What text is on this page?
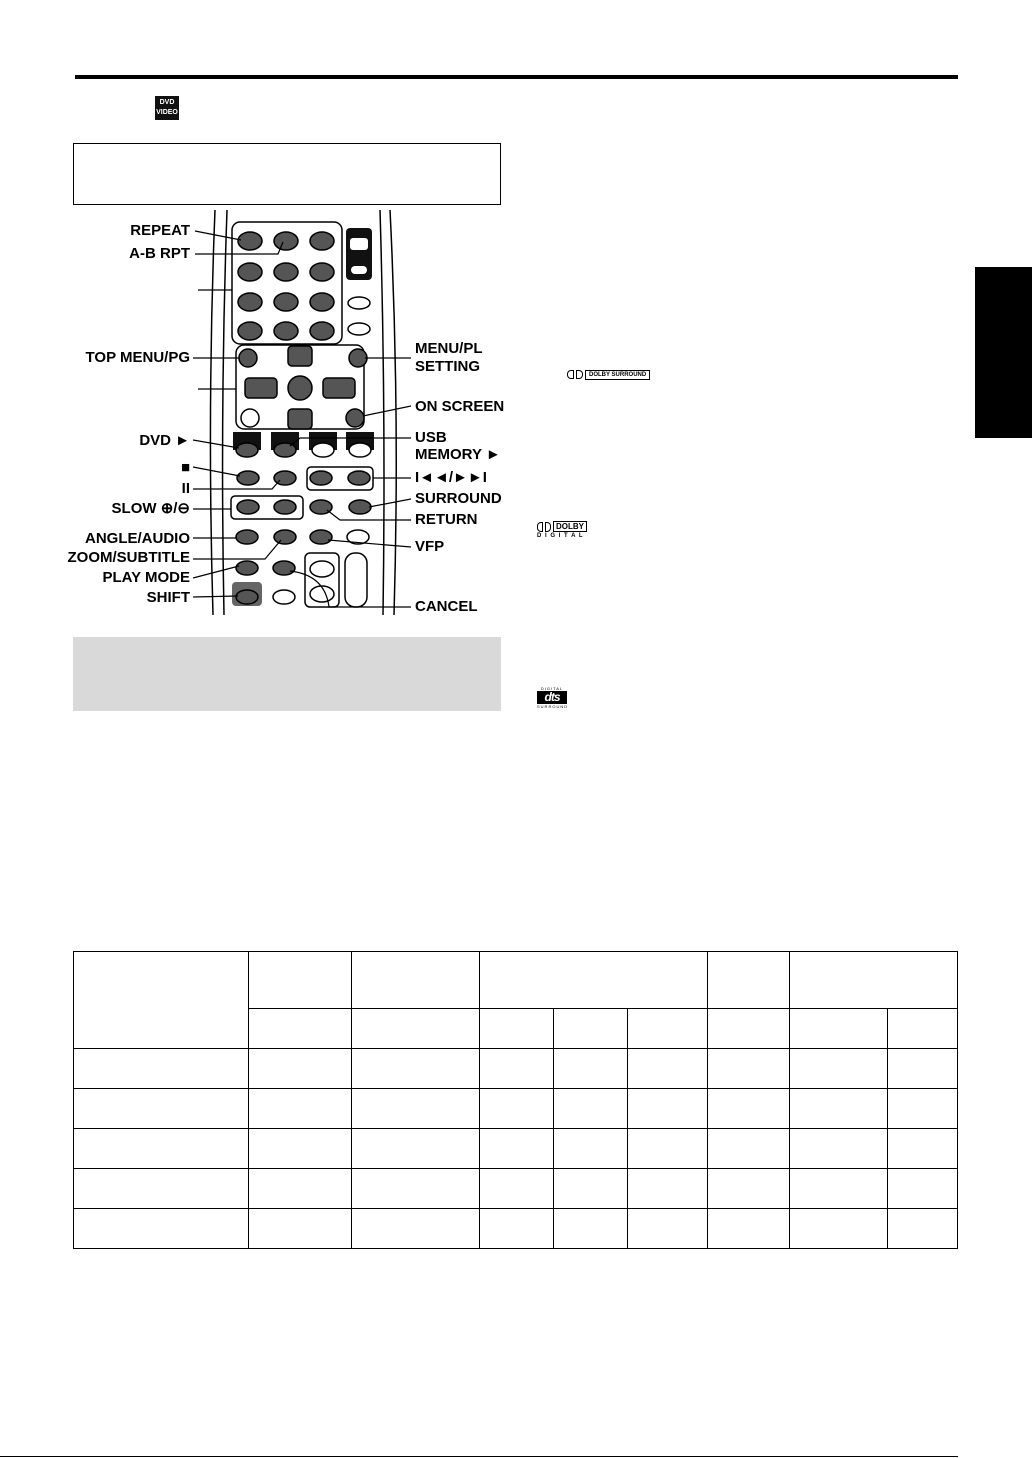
DVD
VIDEO
REPEAT
A-B RPT
TOP MENU/PG
DVD ►
■
II
SLOW ⊕/⊖
ANGLE/AUDIO
ZOOM/SUBTITLE
PLAY MODE
SHIFT
MENU/PL
SETTING
ON SCREEN
USB
MEMORY ►
I◄◄/►►I
SURROUND
RETURN
VFP
CANCEL
DOLBY SURROUND
DOLBY
D I G I T A L
DIGITAL
dts
SURROUND
